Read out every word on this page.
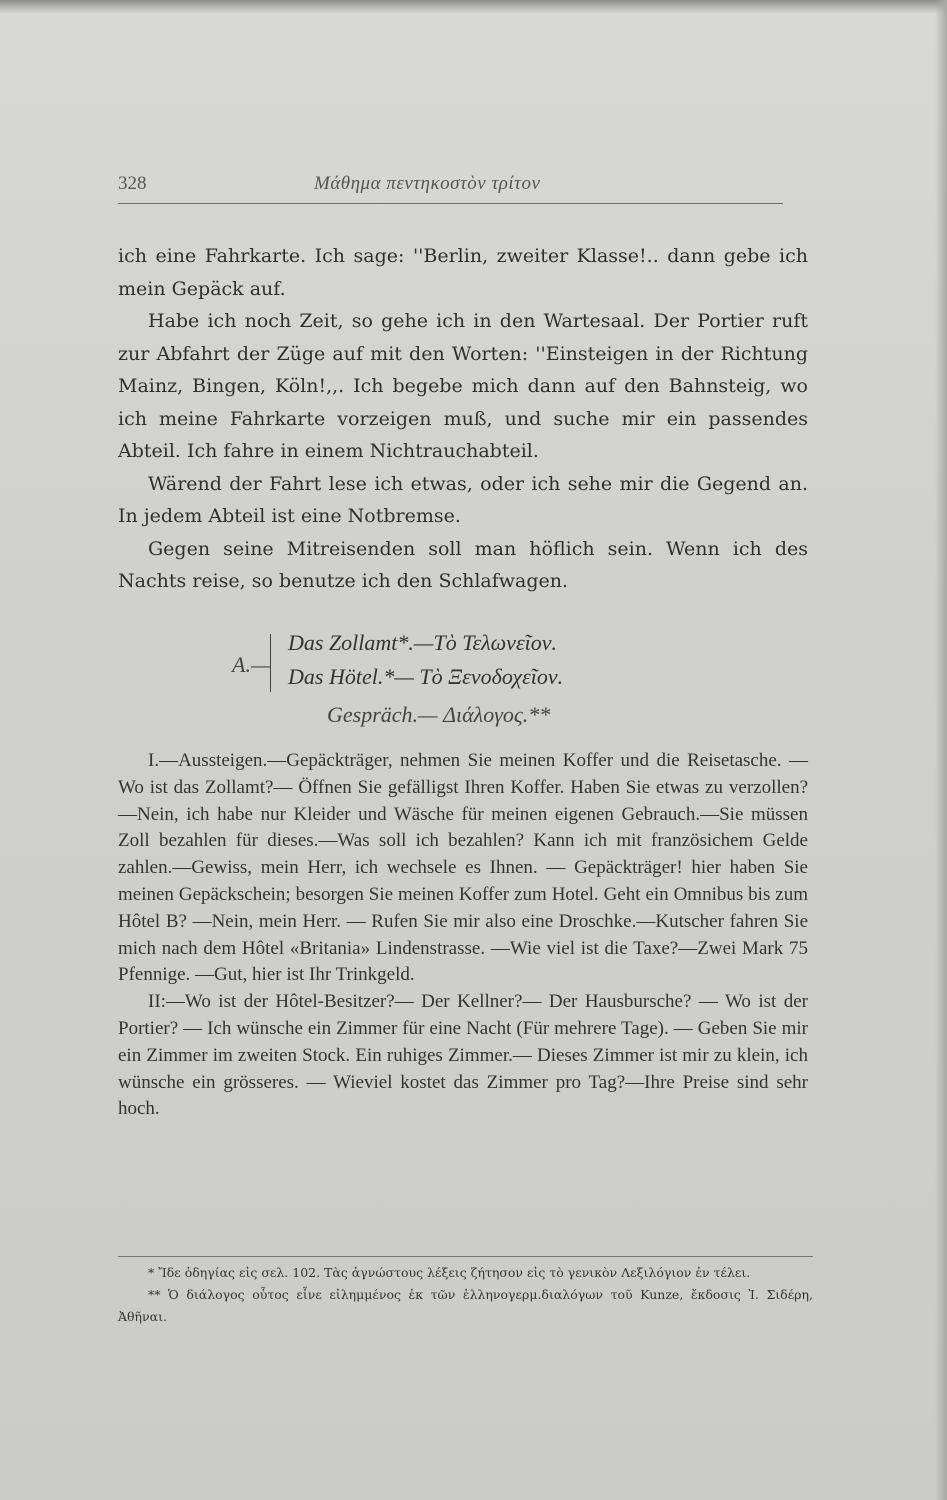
328	Μάθημα πεντηκοστὸν τρίτον

ich eine Fahrkarte. Ich sage: ''Berlin, zweiter Klasse!.. dann gebe ich mein Gepäck auf.

Habe ich noch Zeit, so gehe ich in den Wartesaal. Der Portier ruft zur Abfahrt der Züge auf mit den Worten: ''Einsteigen in der Richtung Mainz, Bingen, Köln!,,. Ich begebe mich dann auf den Bahnsteig, wo ich meine Fahrkarte vorzeigen muß, und suche mir ein passendes Abteil. Ich fahre in einem Nichtrauchabteil.

Wärend der Fahrt lese ich etwas, oder ich sehe mir die Gegend an. In jedem Abteil ist eine Notbremse.

Gegen seine Mitreisenden soll man höflich sein. Wenn ich des Nachts reise, so benutze ich den Schlafwagen.

A.—
Das Zollamt*.—Τὸ Τελωνεῖον.
Das Hötel.*— Τὸ Ξενοδοχεῖον.
Gespräch.— Διάλογος.**

I.—Aussteigen.—Gepäckträger, nehmen Sie meinen Koffer und die Reisetasche. —Wo ist das Zollamt?— Öffnen Sie gefälligst Ihren Koffer. Haben Sie etwas zu verzollen?—Nein, ich habe nur Kleider und Wäsche für meinen eigenen Gebrauch.—Sie müssen Zoll bezahlen für dieses.—Was soll ich bezahlen? Kann ich mit französichem Gelde zahlen.—Gewiss, mein Herr, ich wechsele es Ihnen. — Gepäckträger! hier haben Sie meinen Gepäckschein; besorgen Sie meinen Koffer zum Hotel. Geht ein Omnibus bis zum Hôtel B? —Nein, mein Herr. — Rufen Sie mir also eine Droschke.—Kutscher fahren Sie mich nach dem Hôtel «Britania» Lindenstrasse. —Wie viel ist die Taxe?—Zwei Mark 75 Pfennige. —Gut, hier ist Ihr Trinkgeld.

II:—Wo ist der Hôtel-Besitzer?— Der Kellner?— Der Hausbursche? — Wo ist der Portier? — Ich wünsche ein Zimmer für eine Nacht (Für mehrere Tage). — Geben Sie mir ein Zimmer im zweiten Stock. Ein ruhiges Zimmer.— Dieses Zimmer ist mir zu klein, ich wünsche ein grösseres. — Wieviel kostet das Zimmer pro Tag?—Ihre Preise sind sehr hoch.

* Ἴδε ὁδηγίας εἰς σελ. 102. Τὰς ἀγνώστους λέξεις ζήτησον εἰς τὸ γενικὸν Λεξιλόγιον ἐν τέλει.

** Ὁ διάλογος οὗτος εἶνε εἰλημμένος ἐκ τῶν ἑλληνογερμ.διαλόγων τοῦ Kunze, ἔκδοσις Ἰ. Σιδέρη, Ἀθῆναι.
